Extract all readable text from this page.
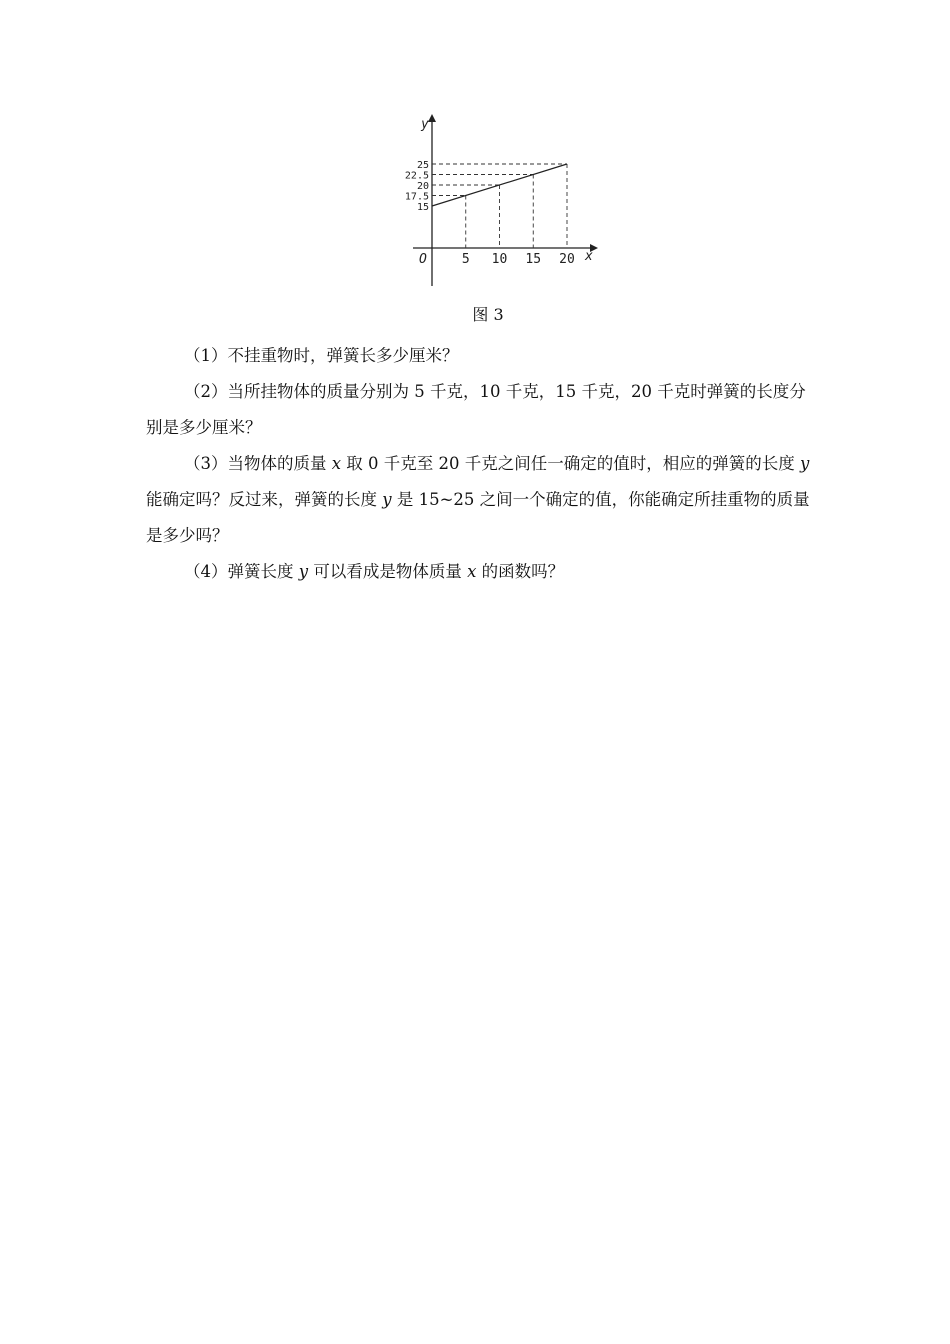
y
x
O
15
17.5
20
22.5
25
5 10 15 20
图 3

（1）不挂重物时，弹簧长多少厘米？

（2）当所挂物体的质量分别为 5 千克，10 千克，15 千克，20 千克时弹簧的长度分别是多少厘米？

（3）当物体的质量 x 取 0 千克至 20 千克之间任一确定的值时，相应的弹簧的长度 y 能确定吗？反过来，弹簧的长度 y 是 15~25 之间一个确定的值，你能确定所挂重物的质量是多少吗？

（4）弹簧长度 y 可以看成是物体质量 x 的函数吗？
